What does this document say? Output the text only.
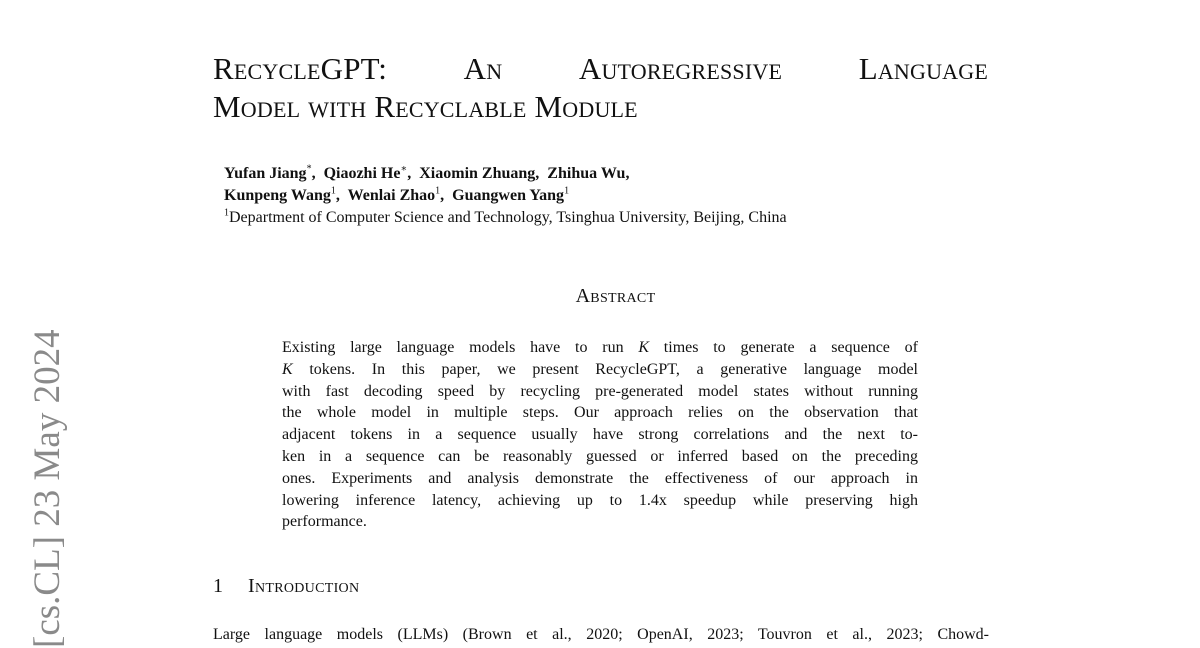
[cs.CL] 23 May 2024
RecycleGPT: An Autoregressive Language
Model with Recyclable Module
Yufan Jiang*, Qiaozhi He∗, Xiaomin Zhuang, Zhihua Wu,
Kunpeng Wang$^1$, Wenlai Zhao$^1$, Guangwen Yang$^1$
$^1$Department of Computer Science and Technology, Tsinghua University, Beijing, China
Abstract
Existing large language models have to run K times to generate a sequence of
K tokens. In this paper, we present RecycleGPT, a generative language model
with fast decoding speed by recycling pre-generated model states without running
the whole model in multiple steps. Our approach relies on the observation that
adjacent tokens in a sequence usually have strong correlations and the next to-
ken in a sequence can be reasonably guessed or inferred based on the preceding
ones. Experiments and analysis demonstrate the effectiveness of our approach in
lowering inference latency, achieving up to 1.4x speedup while preserving high
performance.
1 Introduction
Large language models (LLMs) (Brown et al., 2020; OpenAI, 2023; Touvron et al., 2023; Chowd-
